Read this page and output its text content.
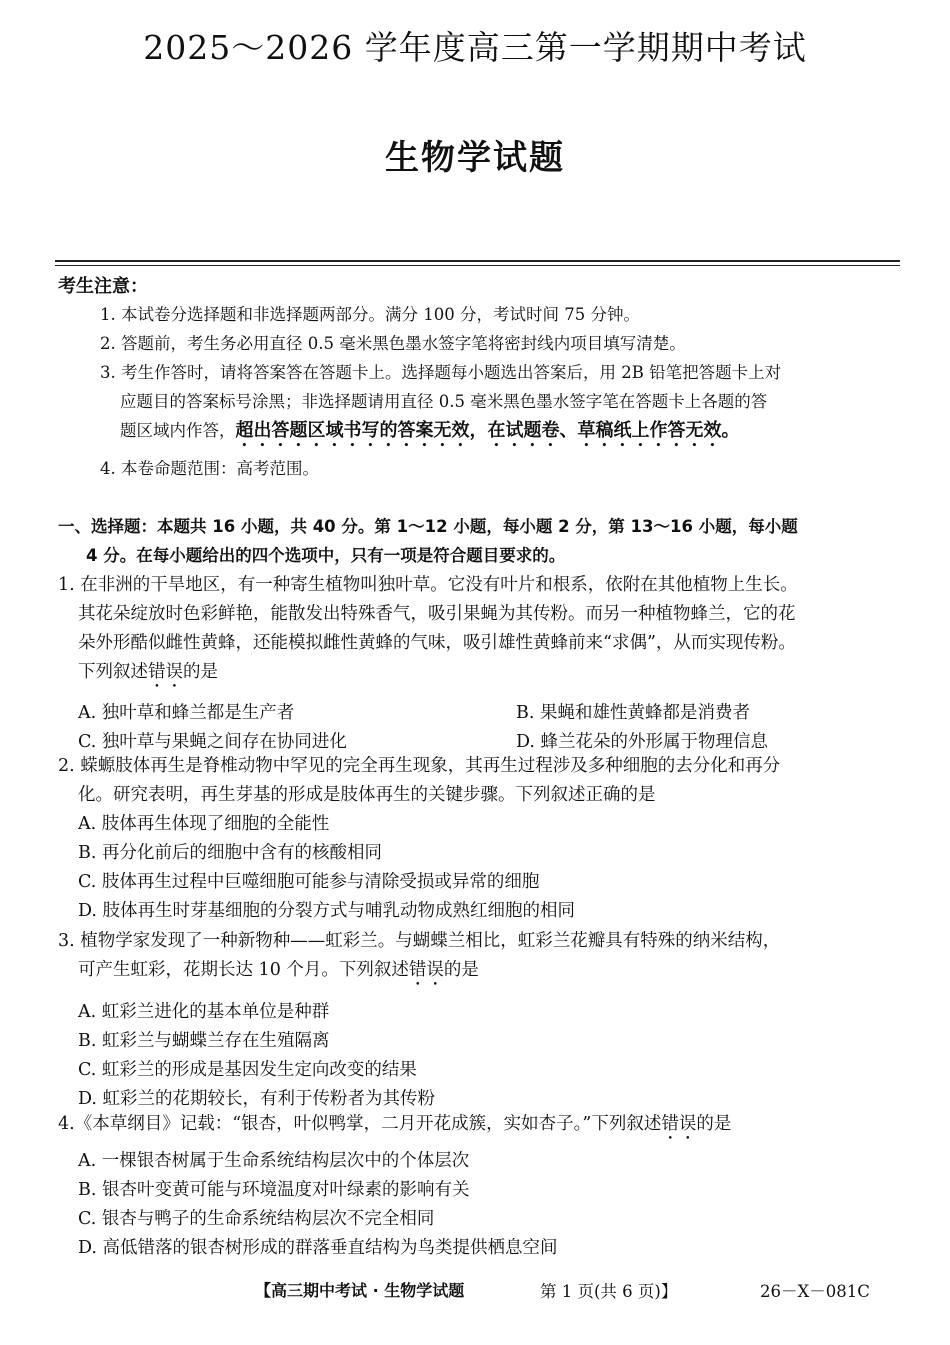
2025～2026 学年度高三第一学期期中考试
生物学试题
考生注意：
1. 本试卷分选择题和非选择题两部分。满分 100 分，考试时间 75 分钟。
2. 答题前，考生务必用直径 0.5 毫米黑色墨水签字笔将密封线内项目填写清楚。
3. 考生作答时，请将答案答在答题卡上。选择题每小题选出答案后，用 2B 铅笔把答题卡上对
应题目的答案标号涂黑；非选择题请用直径 0.5 毫米黑色墨水签字笔在答题卡上各题的答
题区域内作答，超出答题区域书写的答案无效，在试题卷、草稿纸上作答无效。
4. 本卷命题范围：高考范围。
一、选择题：本题共 16 小题，共 40 分。第 1～12 小题，每小题 2 分，第 13～16 小题，每小题
4 分。在每小题给出的四个选项中，只有一项是符合题目要求的。
1. 在非洲的干旱地区，有一种寄生植物叫独叶草。它没有叶片和根系，依附在其他植物上生长。
其花朵绽放时色彩鲜艳，能散发出特殊香气，吸引果蝇为其传粉。而另一种植物蜂兰，它的花
朵外形酷似雌性黄蜂，还能模拟雌性黄蜂的气味，吸引雄性黄蜂前来“求偶”，从而实现传粉。
下列叙述错误的是
A. 独叶草和蜂兰都是生产者	B. 果蝇和雄性黄蜂都是消费者
C. 独叶草与果蝇之间存在协同进化	D. 蜂兰花朵的外形属于物理信息
2. 蝾螈肢体再生是脊椎动物中罕见的完全再生现象，其再生过程涉及多种细胞的去分化和再分
化。研究表明，再生芽基的形成是肢体再生的关键步骤。下列叙述正确的是
A. 肢体再生体现了细胞的全能性
B. 再分化前后的细胞中含有的核酸相同
C. 肢体再生过程中巨噬细胞可能参与清除受损或异常的细胞
D. 肢体再生时芽基细胞的分裂方式与哺乳动物成熟红细胞的相同
3. 植物学家发现了一种新物种——虹彩兰。与蝴蝶兰相比，虹彩兰花瓣具有特殊的纳米结构，
可产生虹彩，花期长达 10 个月。下列叙述错误的是
A. 虹彩兰进化的基本单位是种群
B. 虹彩兰与蝴蝶兰存在生殖隔离
C. 虹彩兰的形成是基因发生定向改变的结果
D. 虹彩兰的花期较长，有利于传粉者为其传粉
4.《本草纲目》记载：“银杏，叶似鸭掌，二月开花成簇，实如杏子。”下列叙述错误的是
A. 一棵银杏树属于生命系统结构层次中的个体层次
B. 银杏叶变黄可能与环境温度对叶绿素的影响有关
C. 银杏与鸭子的生命系统结构层次不完全相同
D. 高低错落的银杏树形成的群落垂直结构为鸟类提供栖息空间
【高三期中考试 · 生物学试题	第 1 页(共 6 页)】	26－X－081C
